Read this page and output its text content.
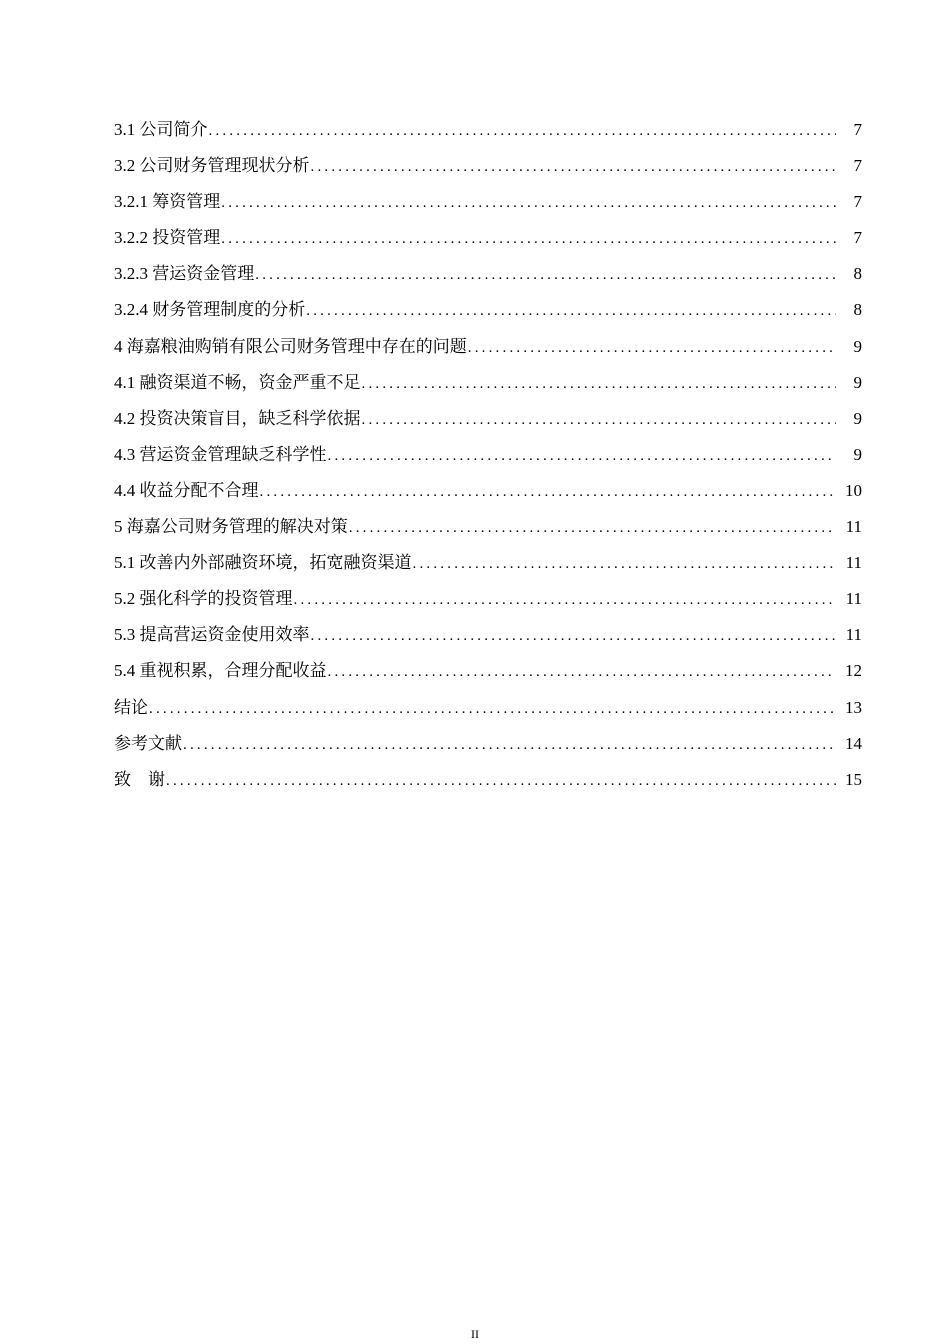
3.1 公司简介 .....	7
3.2 公司财务管理现状分析 .....	7
3.2.1 筹资管理 .....	7
3.2.2 投资管理 .....	7
3.2.3 营运资金管理 .....	8
3.2.4 财务管理制度的分析 .....	8
4 海嘉粮油购销有限公司财务管理中存在的问题 .....	9
4.1 融资渠道不畅，资金严重不足 .....	9
4.2 投资决策盲目，缺乏科学依据 .....	9
4.3 营运资金管理缺乏科学性 .....	9
4.4 收益分配不合理 .....	10
5 海嘉公司财务管理的解决对策 .....	11
5.1 改善内外部融资环境，拓宽融资渠道 .....	11
5.2 强化科学的投资管理 .....	11
5.3 提高营运资金使用效率 .....	11
5.4 重视积累，合理分配收益 .....	12
结论 .....	13
参考文献 .....	14
致　谢 .....	15
II
